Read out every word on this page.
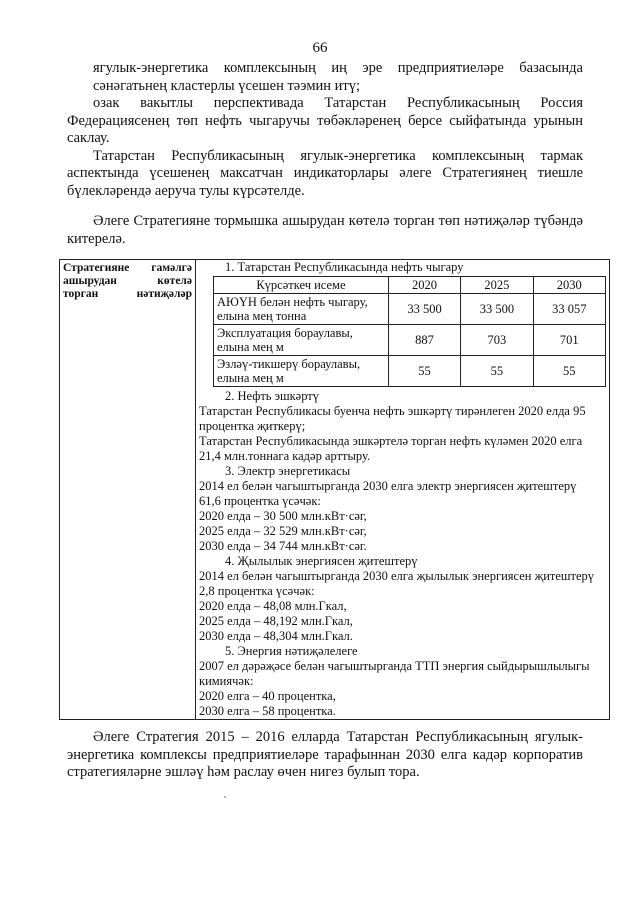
66

ягулык-энергетика комплексының иң эре предприятиеләре базасында

сәнәгатьнең кластерлы үсешен тәэмин итү;

озак вакытлы перспективада Татарстан Республикасының Россия

Федерациясенең төп нефть чыгаручы төбәкләренең берсе сыйфатында урынын

саклау.

Татарстан Республикасының ягулык-энергетика комплексының тармак

аспектында үсешенең максатчан индикаторлары әлеге Стратегиянең тиешле

бүлекләрендә аеруча тулы күрсәтелде.

Әлеге Стратегияне тормышка ашырудан көтелә торган төп нәтиҗәләр түбәндә китерелә.

Стратегияне гамәлгә ашырудан көтелә торган нәтиҗәләр	
1. Татарстан Республикасында нефть чыгару
Күрсәткеч исеме	2020	2025	2030
АЮҮН белән нефть чыгару, елына мең тонна	33 500	33 500	33 057
Эксплуатация бораулавы, елына мең м	887	703	701
Эзләү-тикшерү бораулавы, елына мең м	55	55	55
2. Нефть эшкәртү
Татарстан Республикасы буенча нефть эшкәртү тирәнлеген 2020 елда 95
процентка җиткерү;
Татарстан Республикасында эшкәртелә торган нефть күләмен 2020 елга
21,4 млн.тоннага кадәр арттыру.
3. Электр энергетикасы
2014 ел белән чагыштырганда 2030 елга электр энергиясен җитештерү
61,6 процентка үсәчәк:
2020 елда – 30 500 млн.кВт·сәг,
2025 елда – 32 529 млн.кВт·сәг,
2030 елда – 34 744 млн.кВт·сәг.
4. Җылылык энергиясен җитештерү
2014 ел белән чагыштырганда 2030 елга җылылык энергиясен җитештерү
2,8 процентка үсәчәк:
2020 елда – 48,08 млн.Гкал,
2025 елда – 48,192 млн.Гкал,
2030 елда – 48,304 млн.Гкал.
5. Энергия нәтиҗәлелеге
2007 ел дәрәҗәсе белән чагыштырганда ТТП энергия сыйдырышлылыгы
кимиячәк:
2020 елга – 40 процентка,
2030 елга – 58 процентка.

Әлеге Стратегия 2015 – 2016 елларда Татарстан Республикасының ягулык-энергетика комплексы предприятиеләре тарафыннан 2030 елга кадәр корпоратив стратегияләрне эшләү һәм раслау өчен нигез булып тора.
